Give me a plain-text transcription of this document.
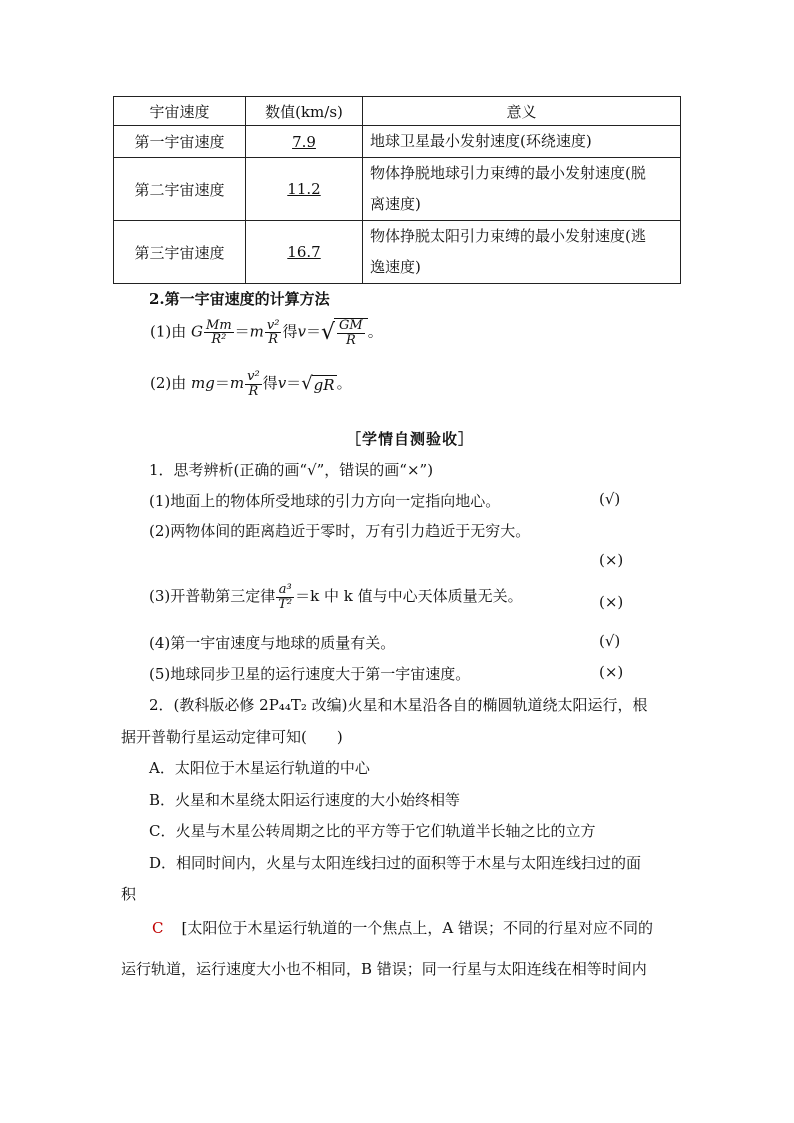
宇宙速度	数值(km/s)	意义
第一宇宙速度	7.9	地球卫星最小发射速度(环绕速度)
第二宇宙速度	11.2	物体挣脱地球引力束缚的最小发射速度(脱
离速度)

第三宇宙速度	16.7	物体挣脱太阳引力束缚的最小发射速度(逃
逸速度)
2.第一宇宙速度的计算方法
(1)由 G $\frac{Mm}{\text{R²}} =m \frac{\text{v²}}{R}$ 得$v=√ \frac{GM}{R}$ 。
(2)由 $mg=m \frac{\text{v²}}{R}$ 得v＝√gR 。
［学情自测验收］
1．思考辨析(正确的画“√”，错误的画“×”)
(1)地面上的物体所受地球的引力方向一定指向地心。	(√)
(2)两物体间的距离趋近于零时，万有引力趋近于无穷大。
(×)
(3)开普勒第三定律 $\frac{\text{a³}}{\text{T²}} =k$ 中 k 值与中心天体质量无关。	(×)
(4)第一宇宙速度与地球的质量有关。	(√)
(5)地球同步卫星的运行速度大于第一宇宙速度。	(×)
2．(教科版必修 2P₄₄T₂ 改编)火星和木星沿各自的椭圆轨道绕太阳运行，根
据开普勒行星运动定律可知(　　)
A．太阳位于木星运行轨道的中心
B．火星和木星绕太阳运行速度的大小始终相等
C．火星与木星公转周期之比的平方等于它们轨道半长轴之比的立方
D．相同时间内，火星与太阳连线扫过的面积等于木星与太阳连线扫过的面
积
C [太阳位于木星运行轨道的一个焦点上，A 错误；不同的行星对应不同的
运行轨道，运行速度大小也不相同，B 错误；同一行星与太阳连线在相等时间内
